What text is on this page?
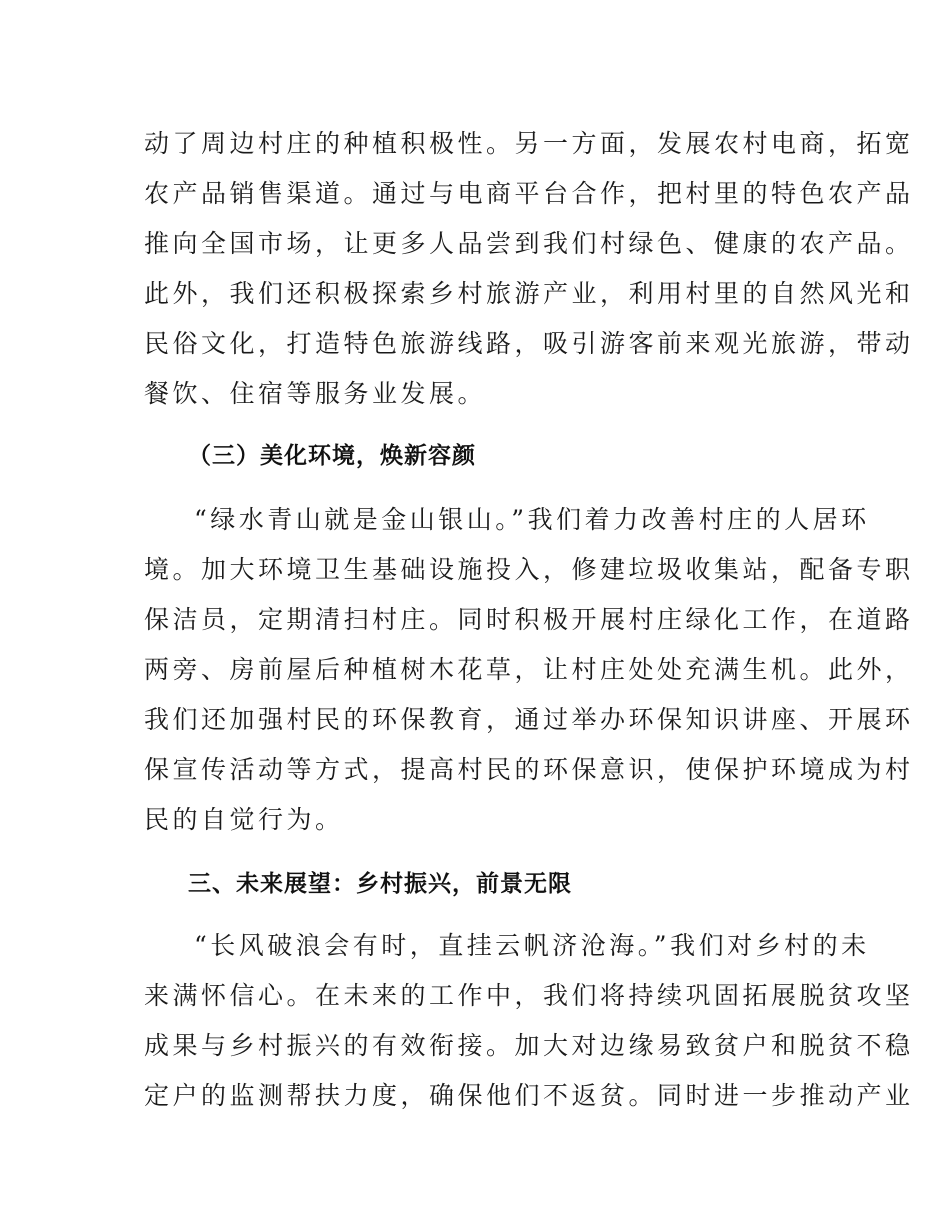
动了周边村庄的种植积极性。另一方面，发展农村电商，拓宽

农产品销售渠道。通过与电商平台合作，把村里的特色农产品

推向全国市场，让更多人品尝到我们村绿色、健康的农产品。

此外，我们还积极探索乡村旅游产业，利用村里的自然风光和

民俗文化，打造特色旅游线路，吸引游客前来观光旅游，带动

餐饮、住宿等服务业发展。

（三）美化环境，焕新容颜

“绿水青山就是金山银山。”我们着力改善村庄的人居环

境。加大环境卫生基础设施投入，修建垃圾收集站，配备专职

保洁员，定期清扫村庄。同时积极开展村庄绿化工作，在道路

两旁、房前屋后种植树木花草，让村庄处处充满生机。此外，

我们还加强村民的环保教育，通过举办环保知识讲座、开展环

保宣传活动等方式，提高村民的环保意识，使保护环境成为村

民的自觉行为。

三、未来展望：乡村振兴，前景无限

“长风破浪会有时，直挂云帆济沧海。”我们对乡村的未

来满怀信心。在未来的工作中，我们将持续巩固拓展脱贫攻坚

成果与乡村振兴的有效衔接。加大对边缘易致贫户和脱贫不稳

定户的监测帮扶力度，确保他们不返贫。同时进一步推动产业
